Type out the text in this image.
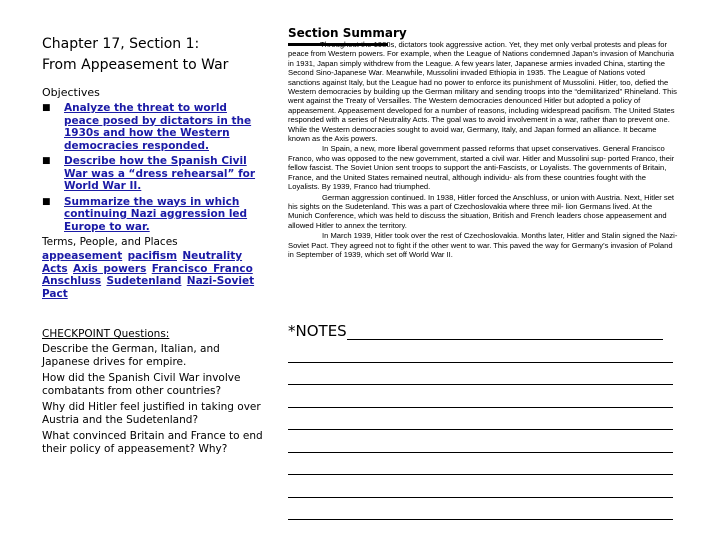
Chapter 17, Section 1:
From Appeasement to War
Objectives
■ Analyze the threat to world peace posed by dictators in the 1930s and how the Western democracies responded.
■ Describe how the Spanish Civil War was a “dress rehearsal” for World War II.
■ Summarize the ways in which continuing Nazi aggression led Europe to war.
Terms, People, and Places
appeasement pacifism Neutrality Acts Axis powers Francisco Franco Anschluss Sudetenland Nazi-Soviet Pact
CHECKPOINT Questions:
Describe the German, Italian, and Japanese drives for empire.
How did the Spanish Civil War involve combatants from other countries?
Why did Hitler feel justified in taking over Austria and the Sudetenland?
What convinced Britain and France to end their policy of appeasement? Why?
Section Summary

Throughout the 1930s, dictators took aggressive action. Yet, they met only verbal protests and pleas for peace from Western powers. For example, when the League of Nations condemned Japan’s invasion of Manchuria in 1931, Japan simply withdrew from the League. A few years later, Japanese armies invaded China, starting the Second Sino-Japanese War. Meanwhile, Mussolini invaded Ethiopia in 1935. The League of Nations voted sanctions against Italy, but the League had no power to enforce its punishment of Mussolini. Hitler, too, defied the Western democracies by building up the German military and sending troops into the “demilitarized” Rhineland. This went against the Treaty of Versailles. The Western democracies denounced Hitler but adopted a policy of appeasement. Appeasement developed for a number of reasons, including widespread pacifism. The United States responded with a series of Neutrality Acts. The goal was to avoid involvement in a war, rather than to prevent one. While the Western democracies sought to avoid war, Germany, Italy, and Japan formed an alliance. It became known as the Axis powers.

In Spain, a new, more liberal government passed reforms that upset conservatives. General Francisco Franco, who was opposed to the new government, started a civil war. Hitler and Mussolini sup- ported Franco, their fellow fascist. The Soviet Union sent troops to support the anti-Fascists, or Loyalists. The governments of Britain, France, and the United States remained neutral, although individu- als from these countries fought with the Loyalists. By 1939, Franco had triumphed.

German aggression continued. In 1938, Hitler forced the Anschluss, or union with Austria. Next, Hitler set his sights on the Sudetenland. This was a part of Czechoslovakia where three mil- lion Germans lived. At the Munich Conference, which was held to discuss the situation, British and French leaders chose appeasement and allowed Hitler to annex the territory.

In March 1939, Hitler took over the rest of Czechoslovakia. Months later, Hitler and Stalin signed the Nazi-Soviet Pact. They agreed not to fight if the other went to war. This paved the way for Germany’s invasion of Poland in September of 1939, which set off World War II.

*NOTES
